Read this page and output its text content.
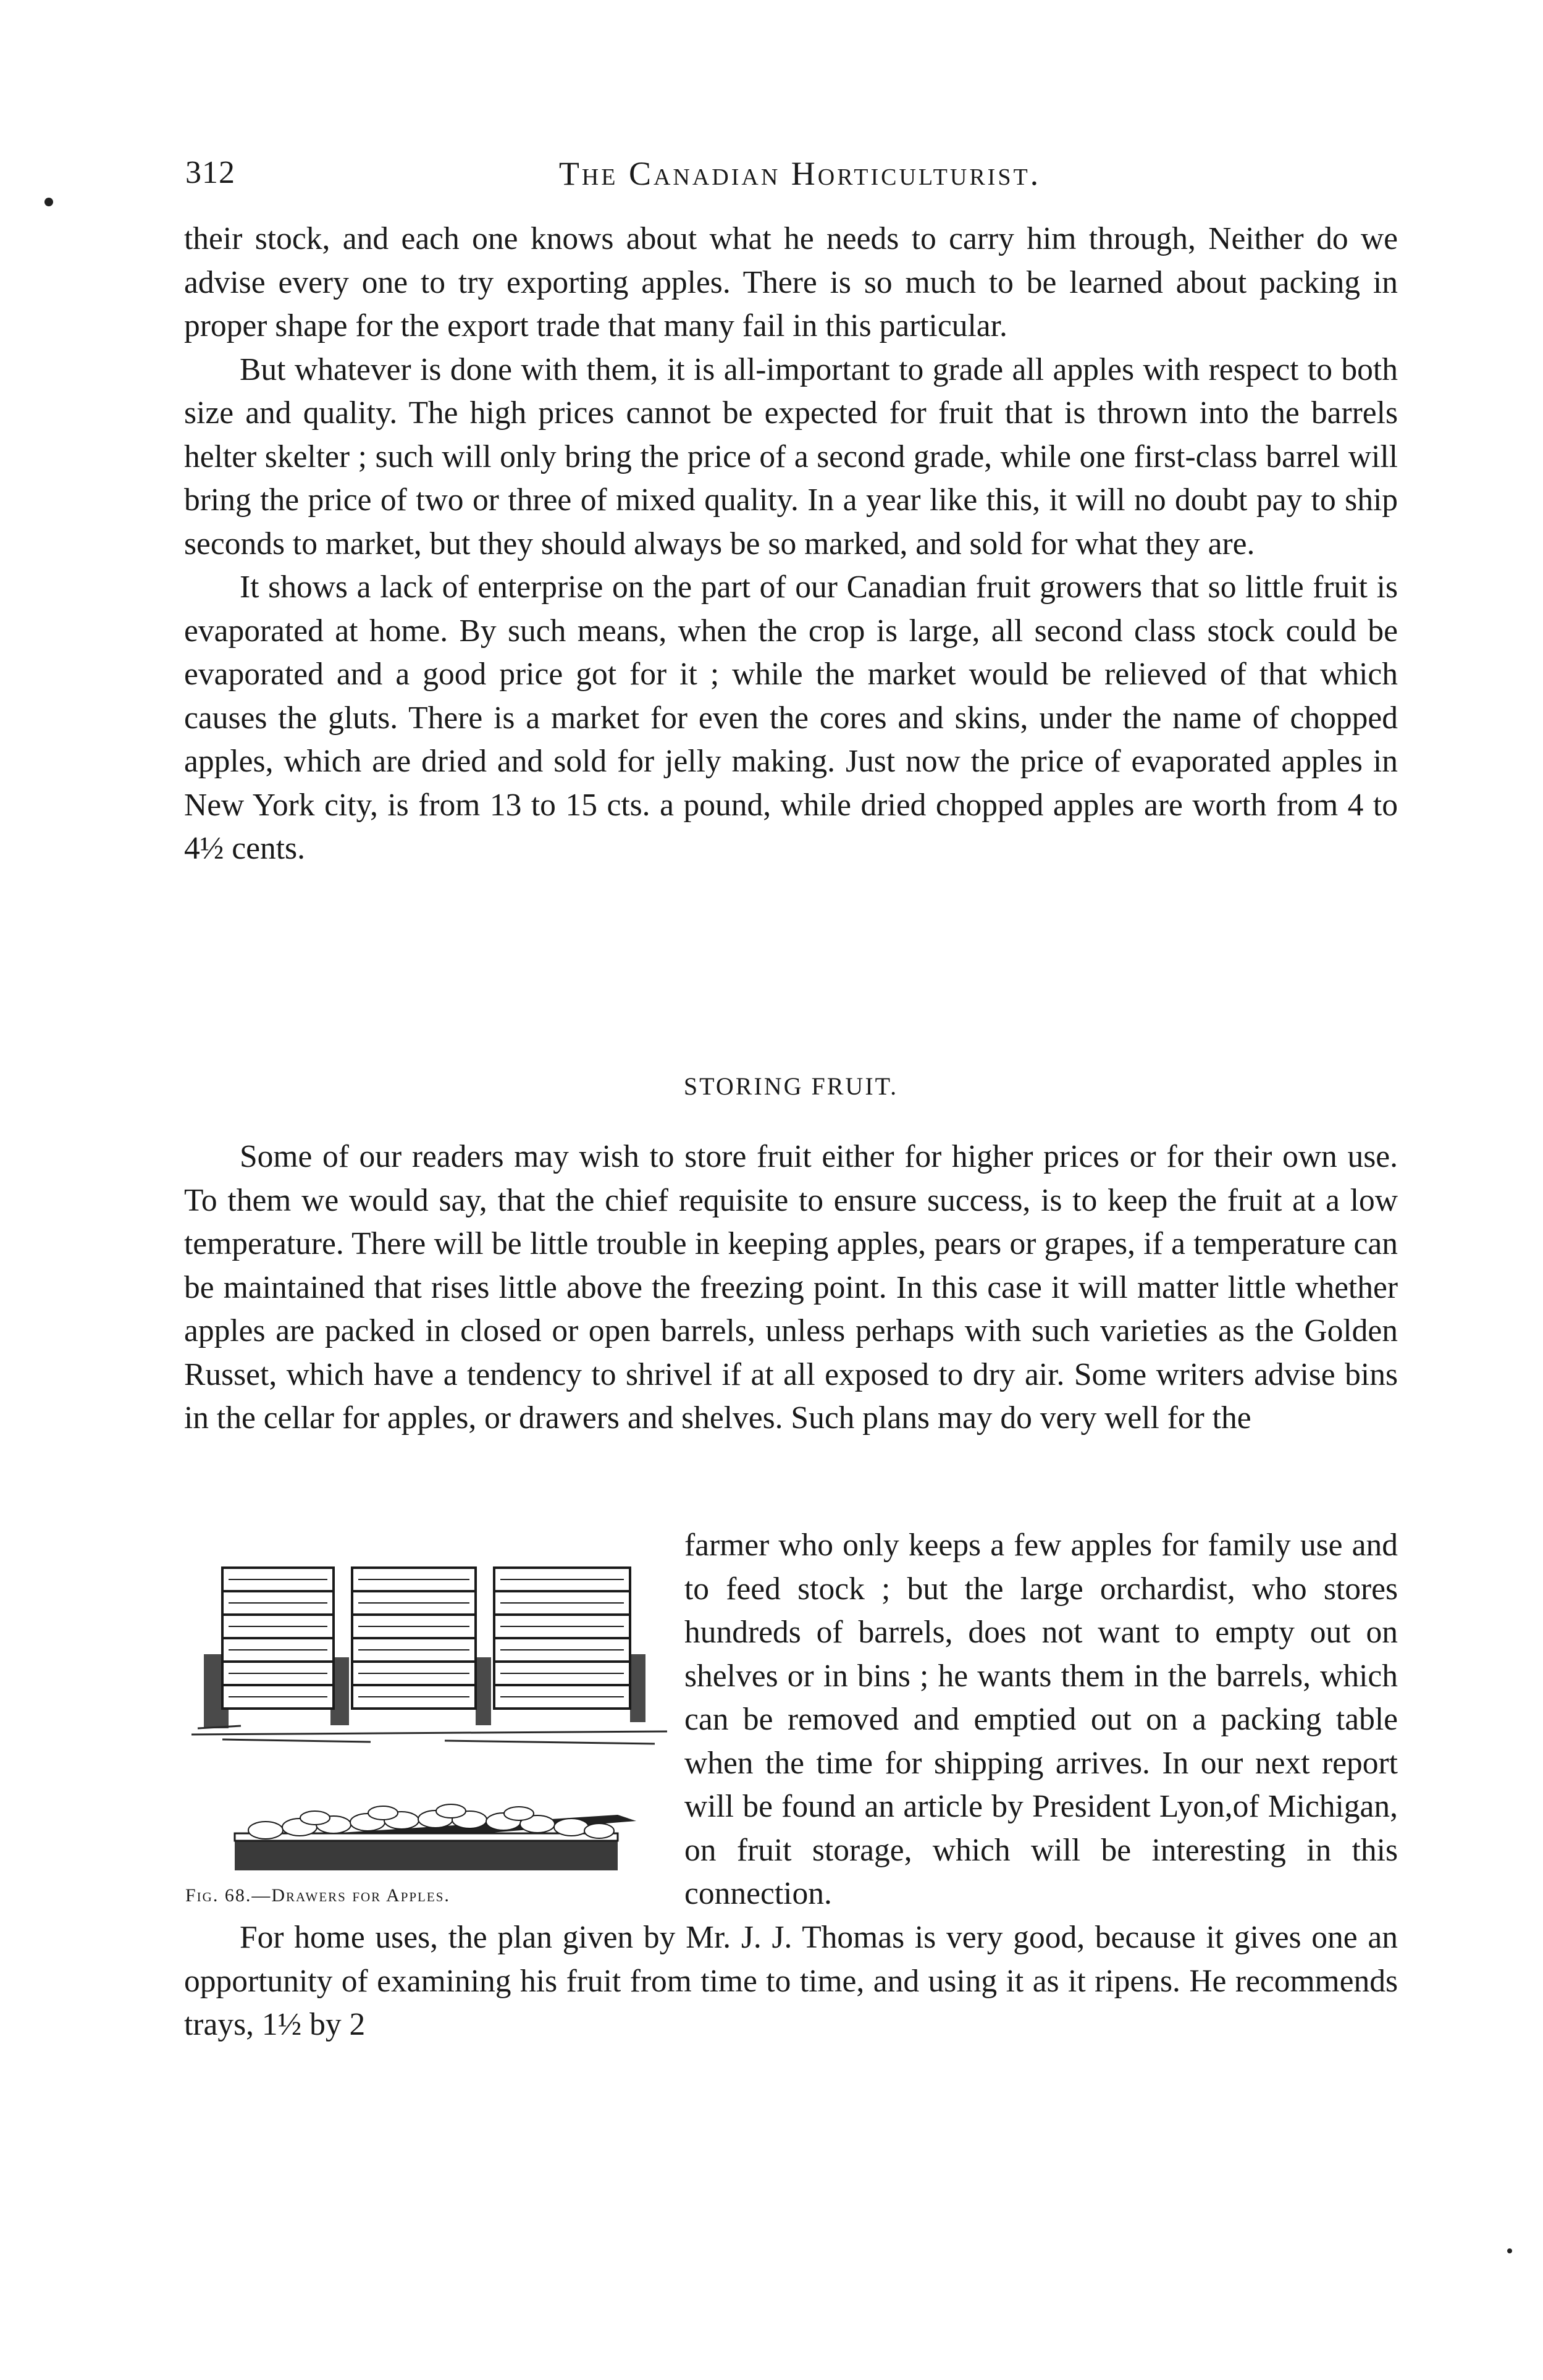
312	The Canadian Horticulturist.

their stock, and each one knows about what he needs to carry him through, Neither do we advise every one to try exporting apples. There is so much to be learned about packing in proper shape for the export trade that many fail in this particular.

But whatever is done with them, it is all-important to grade all apples with respect to both size and quality. The high prices cannot be expected for fruit that is thrown into the barrels helter skelter ; such will only bring the price of a second grade, while one first-class barrel will bring the price of two or three of mixed quality. In a year like this, it will no doubt pay to ship seconds to market, but they should always be so marked, and sold for what they are.

It shows a lack of enterprise on the part of our Canadian fruit growers that so little fruit is evaporated at home. By such means, when the crop is large, all second class stock could be evaporated and a good price got for it ; while the market would be relieved of that which causes the gluts. There is a market for even the cores and skins, under the name of chopped apples, which are dried and sold for jelly making. Just now the price of evaporated apples in New York city, is from 13 to 15 cts. a pound, while dried chopped apples are worth from 4 to 4½ cents.

STORING FRUIT.

Some of our readers may wish to store fruit either for higher prices or for their own use. To them we would say, that the chief requisite to ensure success, is to keep the fruit at a low temperature. There will be little trouble in keeping apples, pears or grapes, if a temperature can be maintained that rises little above the freezing point. In this case it will matter little whether apples are packed in closed or open barrels, unless perhaps with such varieties as the Golden Russet, which have a tendency to shrivel if at all exposed to dry air. Some writers advise bins in the cellar for apples, or drawers and shelves. Such plans may do very well for the

Fig. 68.—Drawers for Apples.

farmer who only keeps a few apples for family use and to feed stock ; but the large orchardist, who stores hundreds of barrels, does not want to empty out on shelves or in bins ; he wants them in the barrels, which can be removed and emptied out on a packing table when the time for shipping arrives. In our next report will be found an article by President Lyon,of Michigan, on fruit storage, which will be interesting in this connection.

For home uses, the plan given by Mr. J. J. Thomas is very good, because it gives one an opportunity of examining his fruit from time to time, and using it as it ripens. He recommends trays, 1½ by 2
